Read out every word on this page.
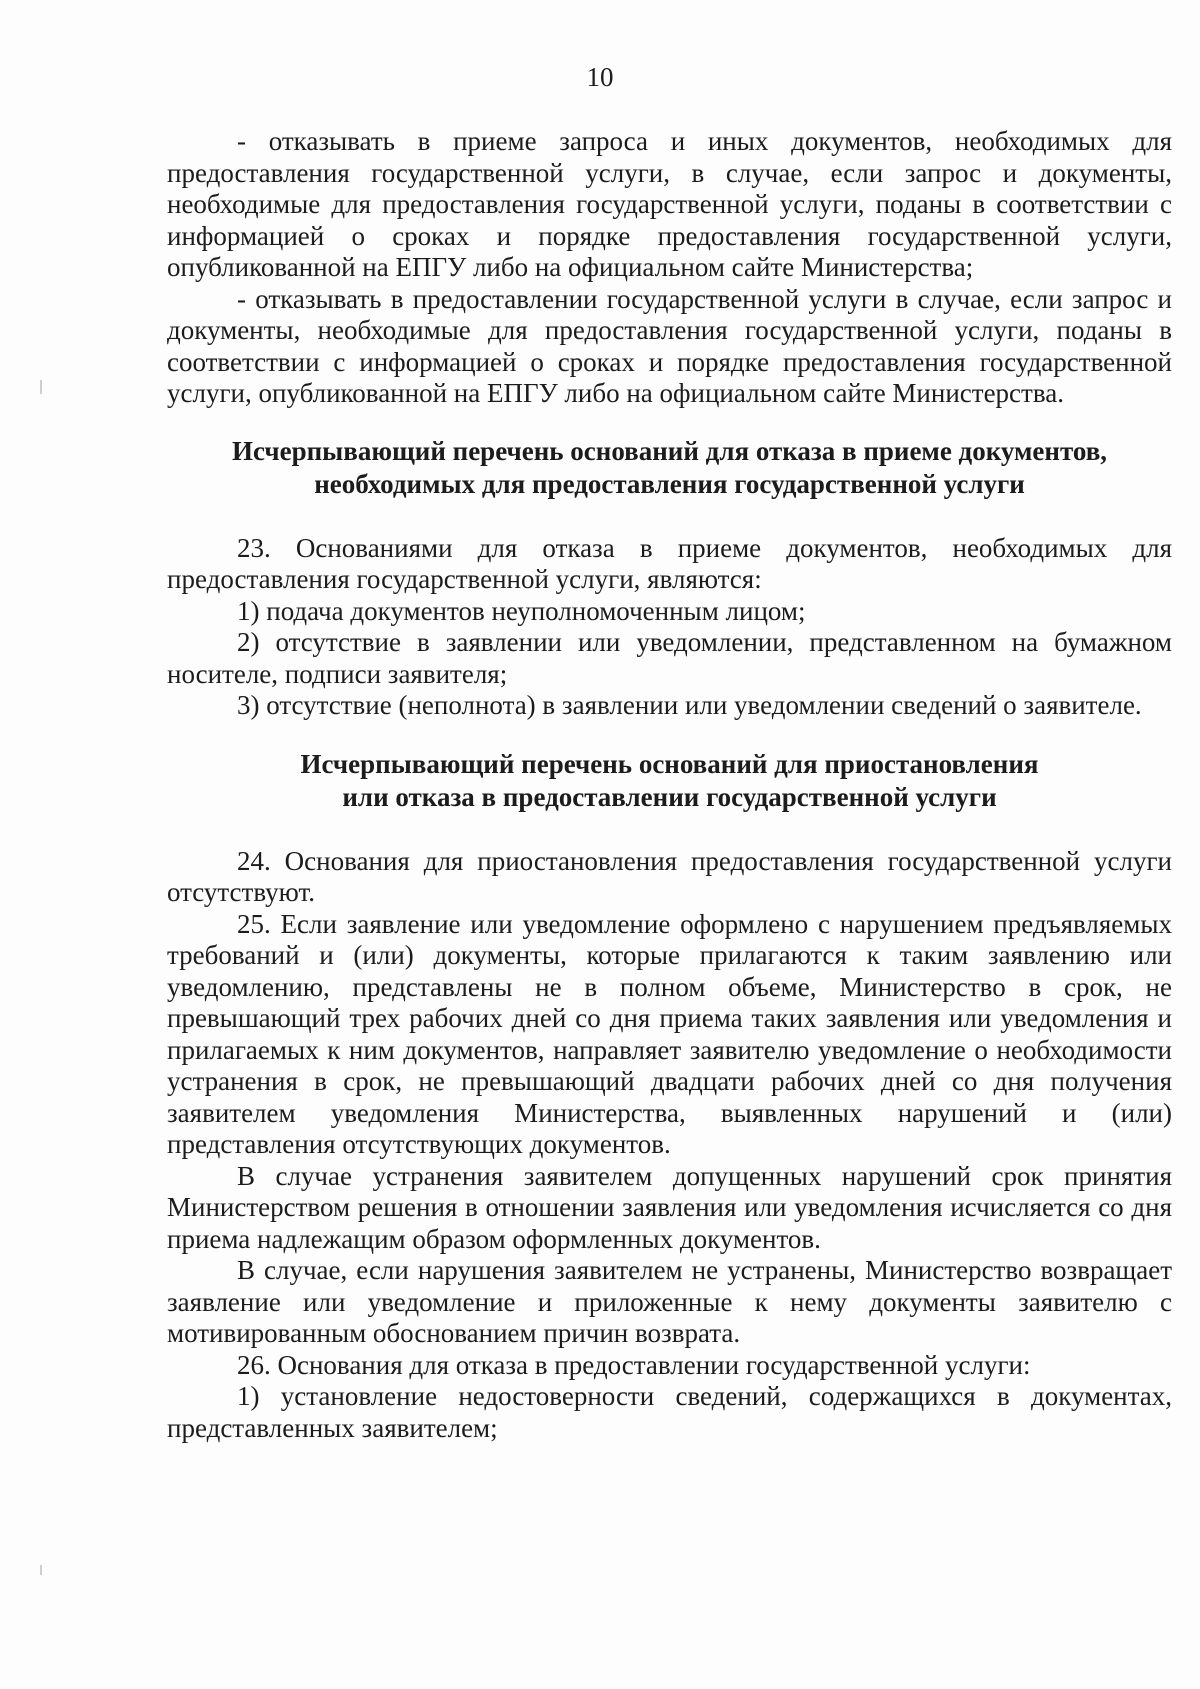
10

- отказывать в приеме запроса и иных документов, необходимых для предоставления государственной услуги, в случае, если запрос и документы, необходимые для предоставления государственной услуги, поданы в соответствии с информацией о сроках и порядке предоставления государственной услуги, опубликованной на ЕПГУ либо на официальном сайте Министерства;

- отказывать в предоставлении государственной услуги в случае, если запрос и документы, необходимые для предоставления государственной услуги, поданы в соответствии с информацией о сроках и порядке предоставления государственной услуги, опубликованной на ЕПГУ либо на официальном сайте Министерства.

Исчерпывающий перечень оснований для отказа в приеме документов,
необходимых для предоставления государственной услуги

23. Основаниями для отказа в приеме документов, необходимых для предоставления государственной услуги, являются:

1) подача документов неуполномоченным лицом;

2) отсутствие в заявлении или уведомлении, представленном на бумажном носителе, подписи заявителя;

3) отсутствие (неполнота) в заявлении или уведомлении сведений о заявителе.

Исчерпывающий перечень оснований для приостановления
или отказа в предоставлении государственной услуги

24. Основания для приостановления предоставления государственной услуги отсутствуют.

25. Если заявление или уведомление оформлено с нарушением предъявляемых требований и (или) документы, которые прилагаются к таким заявлению или уведомлению, представлены не в полном объеме, Министерство в срок, не превышающий трех рабочих дней со дня приема таких заявления или уведомления и прилагаемых к ним документов, направляет заявителю уведомление о необходимости устранения в срок, не превышающий двадцати рабочих дней со дня получения заявителем уведомления Министерства, выявленных нарушений и (или) представления отсутствующих документов.

В случае устранения заявителем допущенных нарушений срок принятия Министерством решения в отношении заявления или уведомления исчисляется со дня приема надлежащим образом оформленных документов.

В случае, если нарушения заявителем не устранены, Министерство возвращает заявление или уведомление и приложенные к нему документы заявителю с мотивированным обоснованием причин возврата.

26. Основания для отказа в предоставлении государственной услуги:

1) установление недостоверности сведений, содержащихся в документах, представленных заявителем;
